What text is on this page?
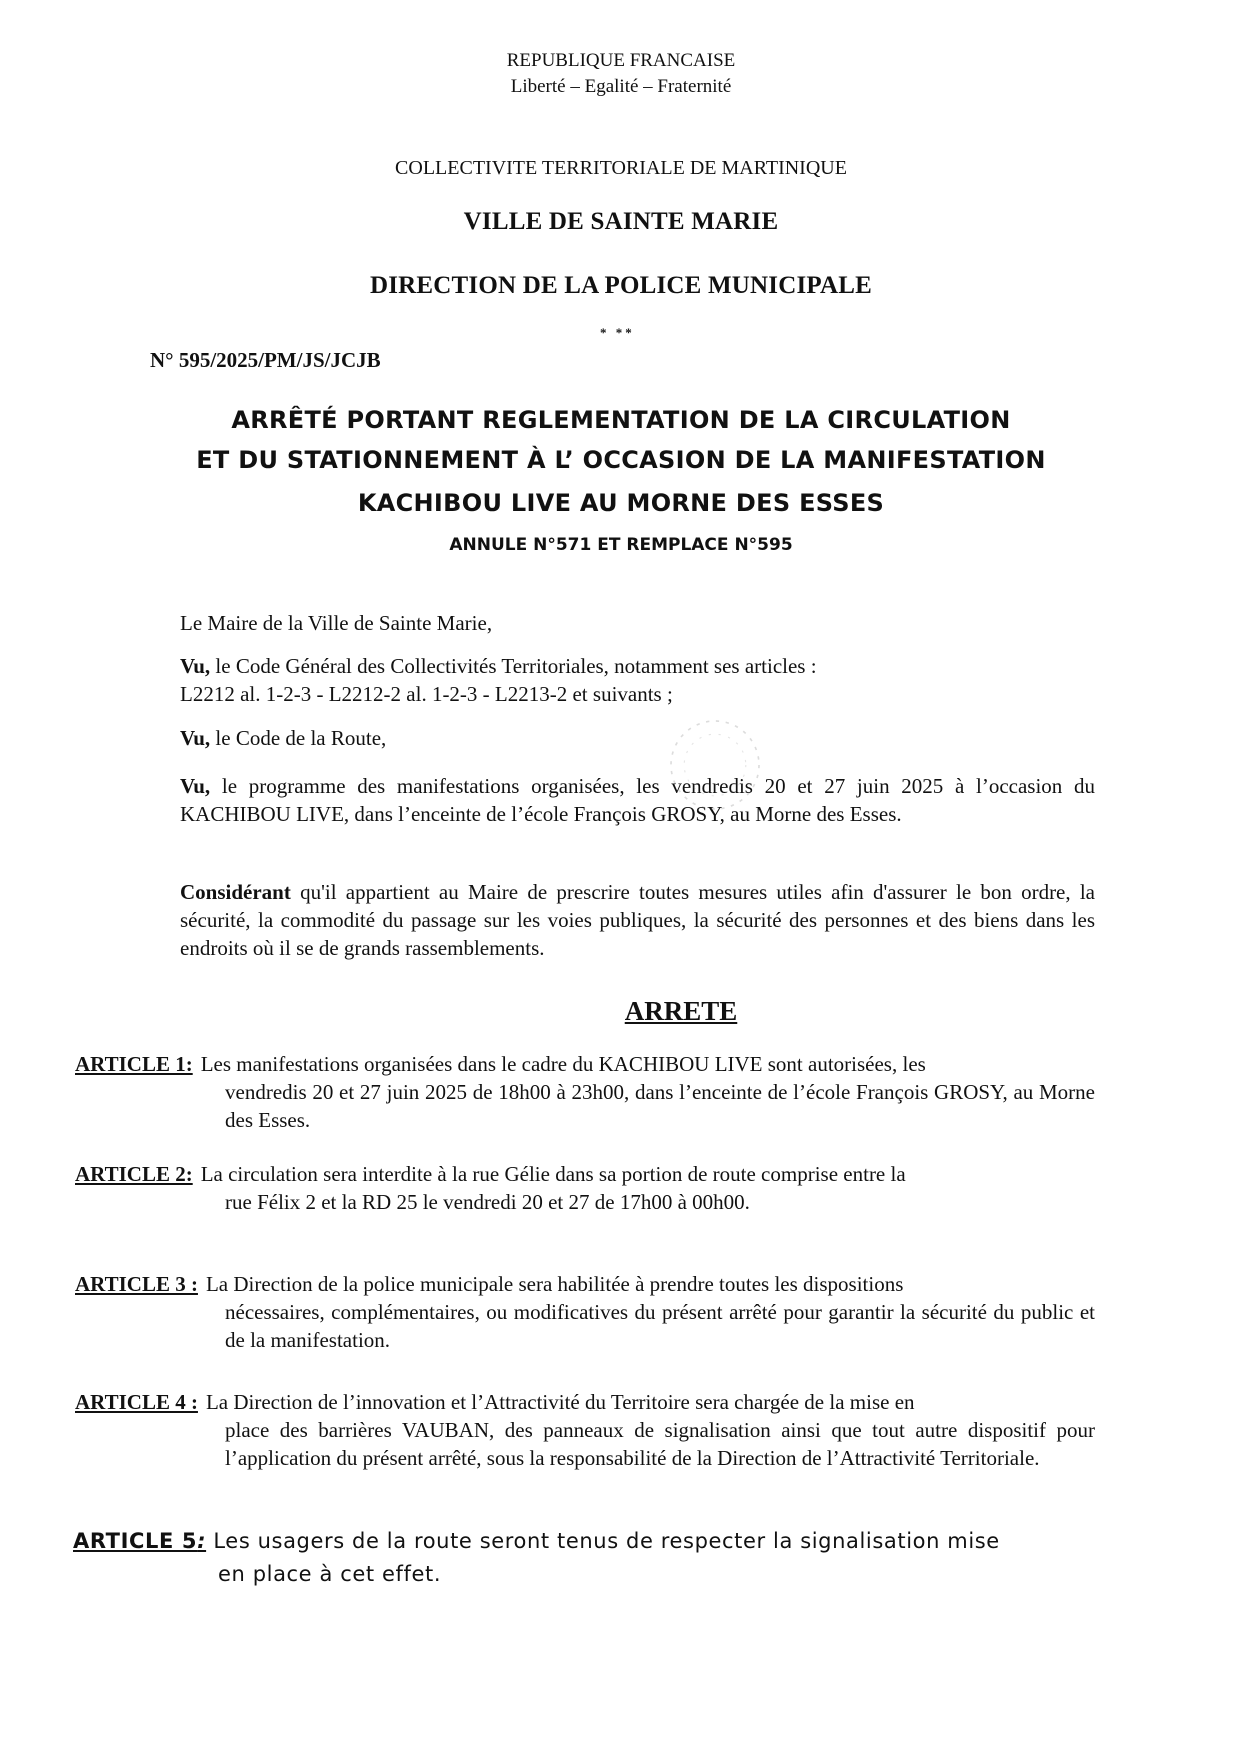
REPUBLIQUE FRANCAISE
Liberté – Egalité – Fraternité
COLLECTIVITE TERRITORIALE DE MARTINIQUE
VILLE DE SAINTE MARIE
DIRECTION DE LA POLICE MUNICIPALE
* **
N° 595/2025/PM/JS/JCJB
ARRÊTÉ PORTANT REGLEMENTATION DE LA CIRCULATION
ET DU STATIONNEMENT À L’ OCCASION DE LA MANIFESTATION
KACHIBOU LIVE AU MORNE DES ESSES
ANNULE N°571 ET REMPLACE N°595
Le Maire de la Ville de Sainte Marie,
Vu, le Code Général des Collectivités Territoriales, notamment ses articles :
L2212 al. 1-2-3 - L2212-2 al. 1-2-3 - L2213-2 et suivants ;
Vu, le Code de la Route,
Vu, le programme des manifestations organisées, les vendredis 20 et 27 juin 2025 à l’occasion du KACHIBOU LIVE, dans l’enceinte de l’école François GROSY, au Morne des Esses.
Considérant qu'il appartient au Maire de prescrire toutes mesures utiles afin d'assurer le bon ordre, la sécurité, la commodité du passage sur les voies publiques, la sécurité des personnes et des biens dans les endroits où il se de grands rassemblements.
ARRETE
ARTICLE 1: Les manifestations organisées dans le cadre du KACHIBOU LIVE sont autorisées, les
vendredis 20 et 27 juin 2025 de 18h00 à 23h00, dans l’enceinte de l’école François GROSY, au Morne des Esses.
ARTICLE 2: La circulation sera interdite à la rue Gélie dans sa portion de route comprise entre la
rue Félix 2 et la RD 25 le vendredi 20 et 27 de 17h00 à 00h00.
ARTICLE 3 : La Direction de la police municipale sera habilitée à prendre toutes les dispositions
nécessaires, complémentaires, ou modificatives du présent arrêté pour garantir la sécurité du public et de la manifestation.
ARTICLE 4 : La Direction de l’innovation et l’Attractivité du Territoire sera chargée de la mise en
place des barrières VAUBAN, des panneaux de signalisation ainsi que tout autre dispositif pour l’application du présent arrêté, sous la responsabilité de la Direction de l’Attractivité Territoriale.
ARTICLE 5: Les usagers de la route seront tenus de respecter la signalisation mise
en place à cet effet.
